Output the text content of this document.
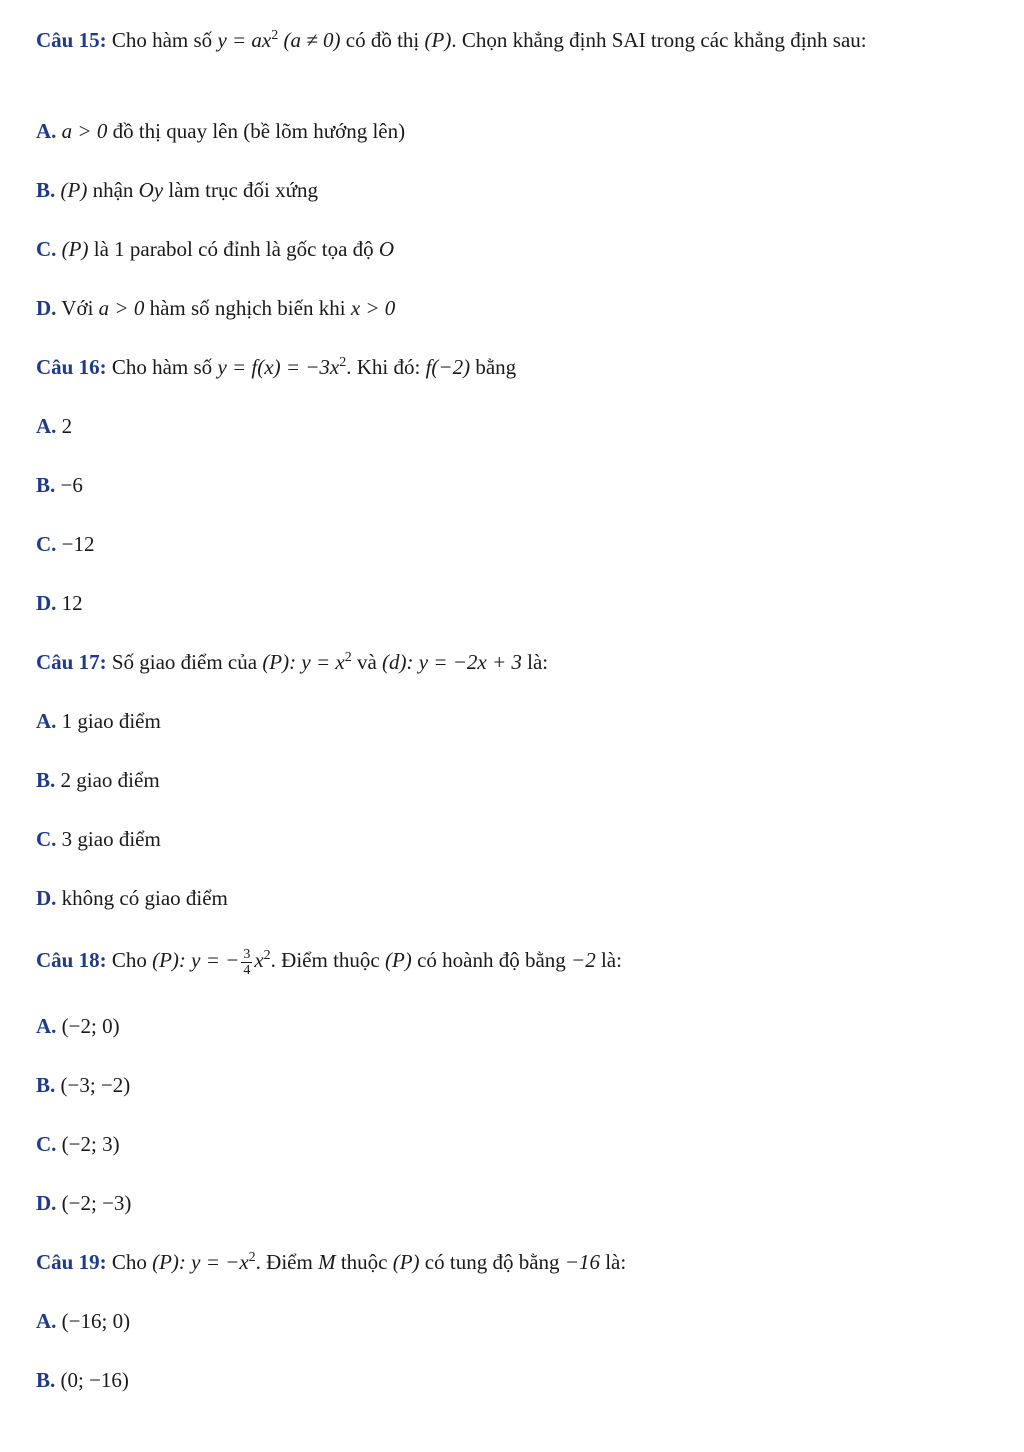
Câu 15: Cho hàm số $y = ax^2$ (a ≠ 0) có đồ thị (P). Chọn khẳng định SAI trong các khẳng định sau:
A. a > 0 đồ thị quay lên (bề lõm hướng lên)
B. (P) nhận Oy làm trục đối xứng
C. (P) là 1 parabol có đỉnh là gốc tọa độ O
D. Với a > 0 hàm số nghịch biến khi x > 0
Câu 16: Cho hàm số $y = f(x) = -3x^2$. Khi đó: f(−2) bằng
A. 2
B. −6
C. −12
D. 12
Câu 17: Số giao điểm của (P): $y = x^2$ và (d): y = −2x + 3 là:
A. 1 giao điểm
B. 2 giao điểm
C. 3 giao điểm
D. không có giao điểm
Câu 18: Cho (P): y = − $\frac{3}{4} x^2$. Điểm thuộc (P) có hoành độ bằng −2 là:
A. (−2; 0)
B. (−3; −2)
C. (−2; 3)
D. (−2; −3)
Câu 19: Cho (P): $y = -x^2$. Điểm M thuộc (P) có tung độ bằng −16 là:
A. (−16; 0)
B. (0; −16)
